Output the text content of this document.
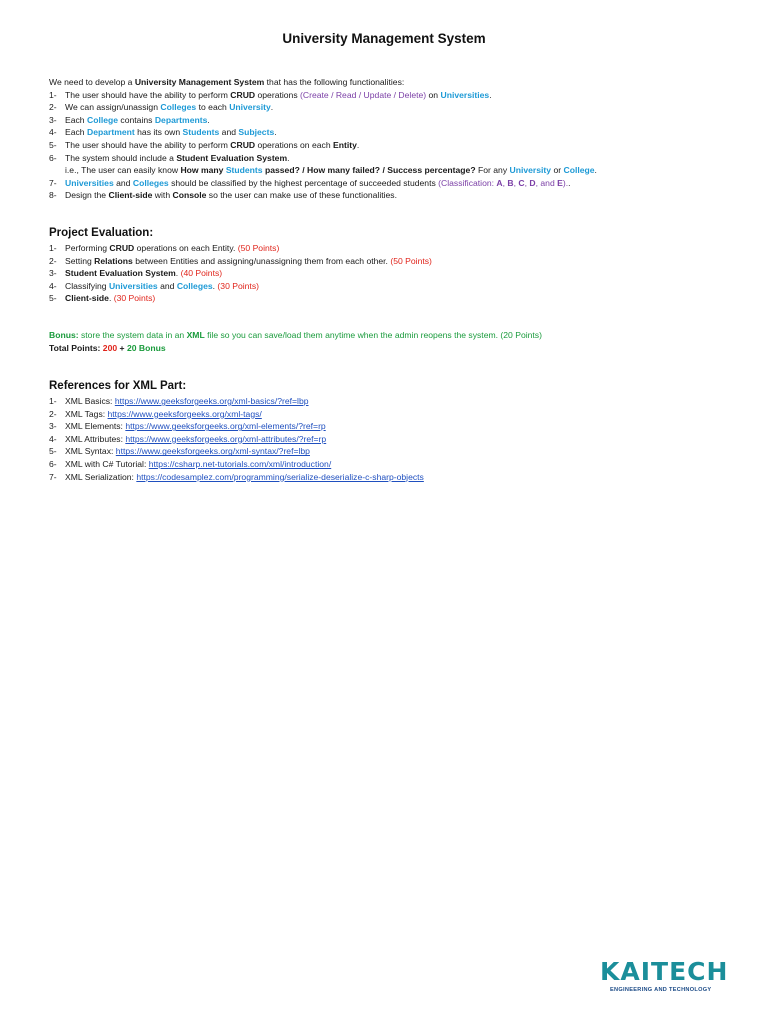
University Management System
We need to develop a University Management System that has the following functionalities:
1- The user should have the ability to perform CRUD operations (Create / Read / Update / Delete) on Universities.
2- We can assign/unassign Colleges to each University.
3- Each College contains Departments.
4- Each Department has its own Students and Subjects.
5- The user should have the ability to perform CRUD operations on each Entity.
6- The system should include a Student Evaluation System.
i.e., The user can easily know How many Students passed? / How many failed? / Success percentage? For any University or College.
7- Universities and Colleges should be classified by the highest percentage of succeeded students (Classification: A, B, C, D, and E)..
8- Design the Client-side with Console so the user can make use of these functionalities.
Project Evaluation:
1- Performing CRUD operations on each Entity. (50 Points)
2- Setting Relations between Entities and assigning/unassigning them from each other. (50 Points)
3- Student Evaluation System. (40 Points)
4- Classifying Universities and Colleges. (30 Points)
5- Client-side. (30 Points)
Bonus: store the system data in an XML file so you can save/load them anytime when the admin reopens the system. (20 Points)
Total Points: 200 + 20 Bonus
References for XML Part:
1- XML Basics: https://www.geeksforgeeks.org/xml-basics/?ref=lbp
2- XML Tags: https://www.geeksforgeeks.org/xml-tags/
3- XML Elements: https://www.geeksforgeeks.org/xml-elements/?ref=rp
4- XML Attributes: https://www.geeksforgeeks.org/xml-attributes/?ref=rp
5- XML Syntax: https://www.geeksforgeeks.org/xml-syntax/?ref=lbp
6- XML with C# Tutorial: https://csharp.net-tutorials.com/xml/introduction/
7- XML Serialization: https://codesamplez.com/programming/serialize-deserialize-c-sharp-objects
KAITECH
ENGINEERING AND TECHNOLOGY
